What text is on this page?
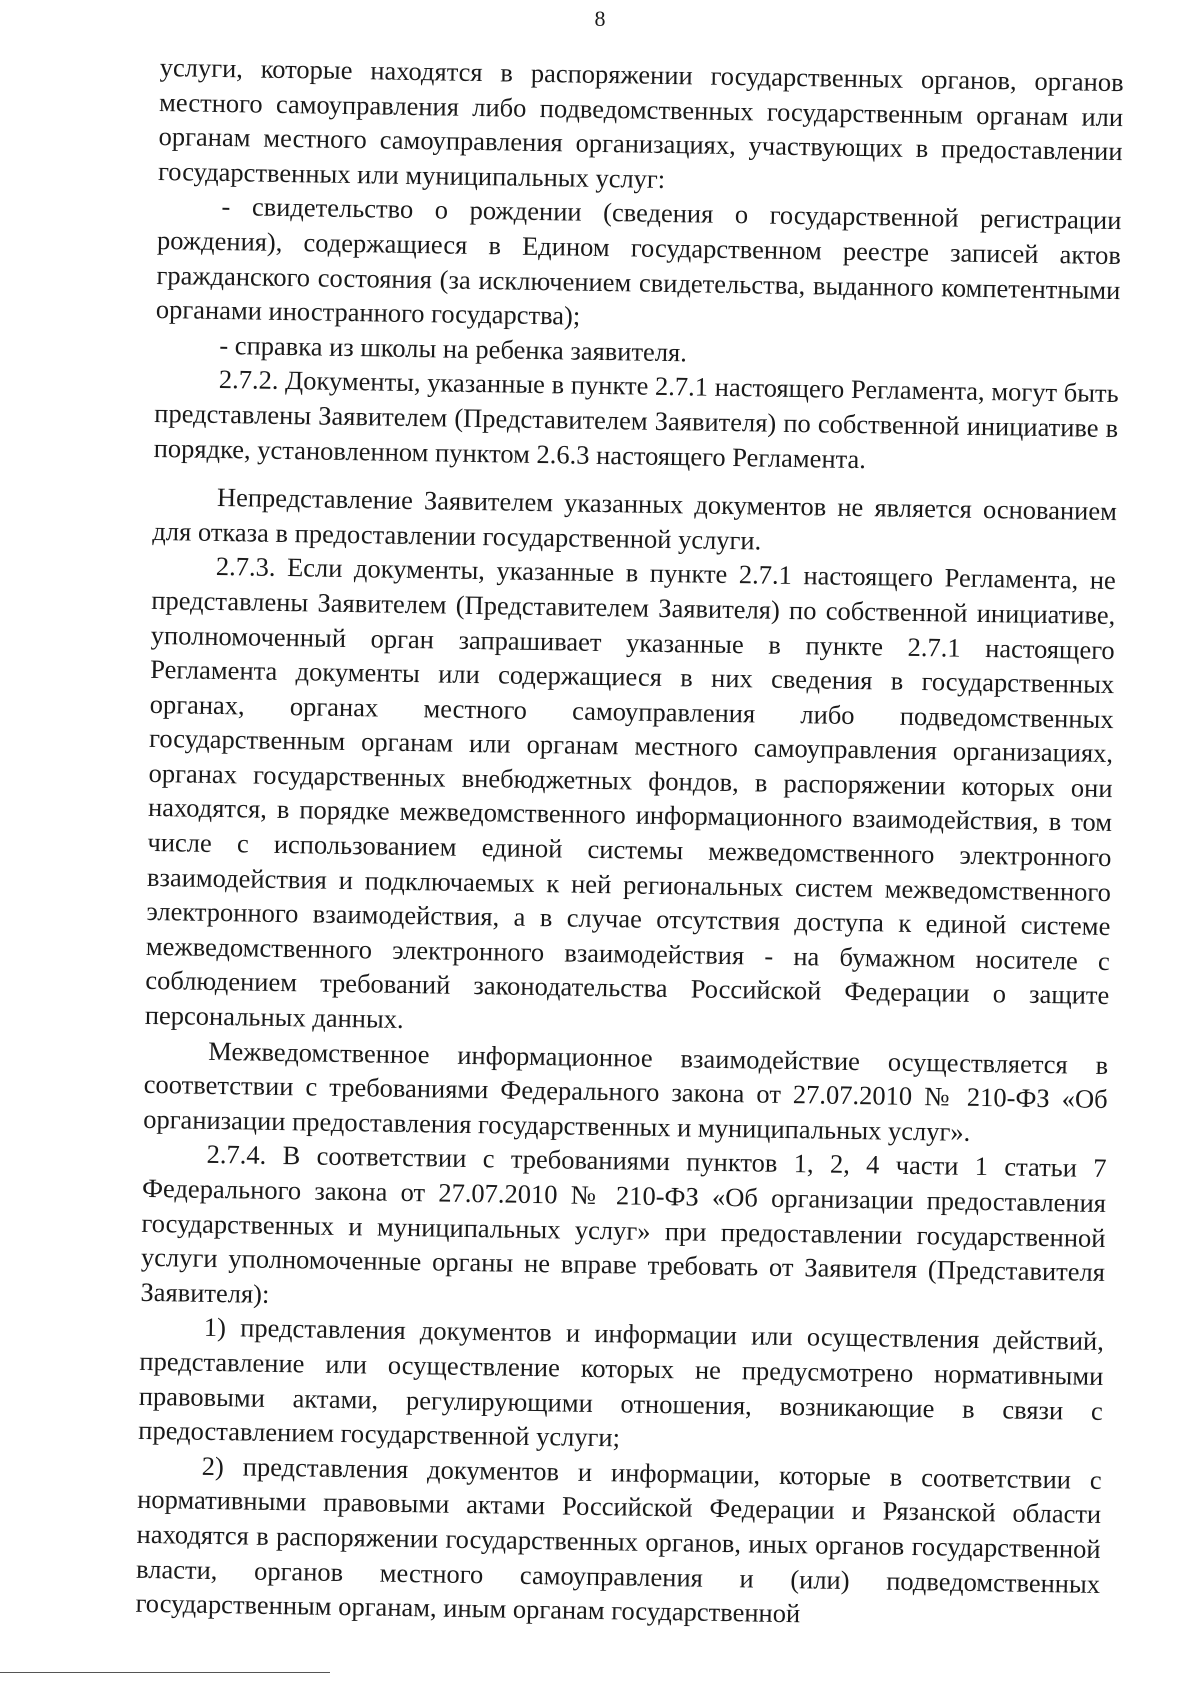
8

услуги, которые находятся в распоряжении государственных органов, органов местного самоуправления либо подведомственных государственным органам или органам местного самоуправления организациях, участвующих в предоставлении государственных или муниципальных услуг:

- свидетельство о рождении (сведения о государственной регистрации рождения), содержащиеся в Едином государственном реестре записей актов гражданского состояния (за исключением свидетельства, выданного компетентными органами иностранного государства);

- справка из школы на ребенка заявителя.

2.7.2. Документы, указанные в пункте 2.7.1 настоящего Регламента, могут быть представлены Заявителем (Представителем Заявителя) по собственной инициативе в порядке, установленном пунктом 2.6.3 настоящего Регламента.

Непредставление Заявителем указанных документов не является основанием для отказа в предоставлении государственной услуги.

2.7.3. Если документы, указанные в пункте 2.7.1 настоящего Регламента, не представлены Заявителем (Представителем Заявителя) по собственной инициативе, уполномоченный орган запрашивает указанные в пункте 2.7.1 настоящего Регламента документы или содержащиеся в них сведения в государственных органах, органах местного самоуправления либо подведомственных государственным органам или органам местного самоуправления организациях, органах государственных внебюджетных фондов, в распоряжении которых они находятся, в порядке межведомственного информационного взаимодействия, в том числе с использованием единой системы межведомственного электронного взаимодействия и подключаемых к ней региональных систем межведомственного электронного взаимодействия, а в случае отсутствия доступа к единой системе межведомственного электронного взаимодействия - на бумажном носителе с соблюдением требований законодательства Российской Федерации о защите персональных данных.

Межведомственное информационное взаимодействие осуществляется в соответствии с требованиями Федерального закона от 27.07.2010 № 210-ФЗ «Об организации предоставления государственных и муниципальных услуг».

2.7.4. В соответствии с требованиями пунктов 1, 2, 4 части 1 статьи 7 Федерального закона от 27.07.2010 № 210-ФЗ «Об организации предоставления государственных и муниципальных услуг» при предоставлении государственной услуги уполномоченные органы не вправе требовать от Заявителя (Представителя Заявителя):

1) представления документов и информации или осуществления действий, представление или осуществление которых не предусмотрено нормативными правовыми актами, регулирующими отношения, возникающие в связи с предоставлением государственной услуги;

2) представления документов и информации, которые в соответствии с нормативными правовыми актами Российской Федерации и Рязанской области находятся в распоряжении государственных органов, иных органов государственной власти, органов местного самоуправления и (или) подведомственных государственным органам, иным органам государственной
